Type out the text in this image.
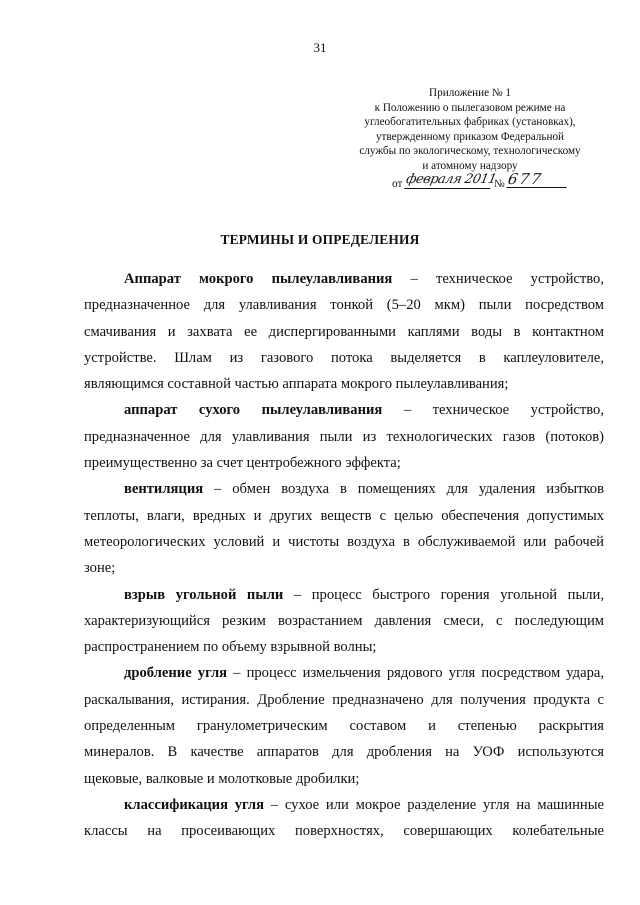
31
Приложение № 1
к Положению о пылегазовом режиме на
углеобогатительных фабриках (установках),
утвержденному приказом Федеральной
службы по экологическому, технологическому
и атомному надзору
от февраля 2011
№ 677
ТЕРМИНЫ И ОПРЕДЕЛЕНИЯ
Аппарат мокрого пылеулавливания – техническое устройство,
предназначенное для улавливания тонкой (5–20 мкм) пыли посредством
смачивания и захвата ее диспергированными каплями воды в контактном
устройстве. Шлам из газового потока выделяется в каплеуловителе,
являющимся составной частью аппарата мокрого пылеулавливания;
аппарат сухого пылеулавливания – техническое устройство,
предназначенное для улавливания пыли из технологических газов (потоков)
преимущественно за счет центробежного эффекта;
вентиляция – обмен воздуха в помещениях для удаления избытков
теплоты, влаги, вредных и других веществ с целью обеспечения допустимых
метеорологических условий и чистоты воздуха в обслуживаемой или рабочей
зоне;
взрыв угольной пыли – процесс быстрого горения угольной пыли,
характеризующийся резким возрастанием давления смеси, с последующим
распространением по объему взрывной волны;
дробление угля – процесс измельчения рядового угля посредством удара,
раскалывания, истирания. Дробление предназначено для получения продукта с
определенным гранулометрическим составом и степенью раскрытия
минералов. В качестве аппаратов для дробления на УОФ используются
щековые, валковые и молотковые дробилки;
классификация угля – сухое или мокрое разделение угля на машинные
классы на просеивающих поверхностях, совершающих колебательные
